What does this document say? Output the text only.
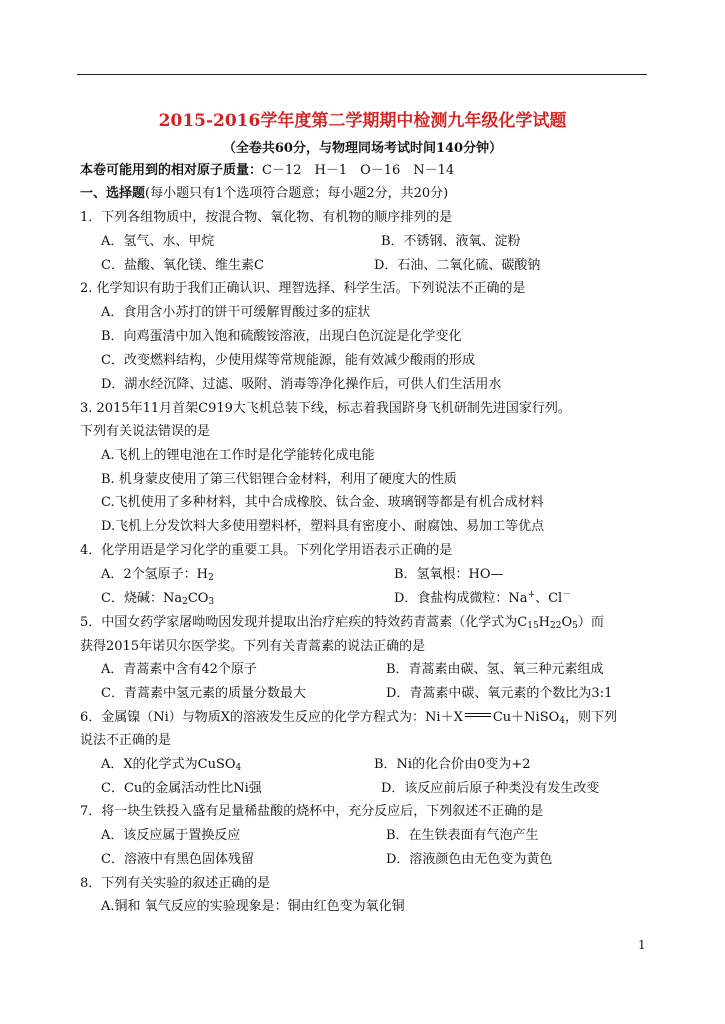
2015-2016学年度第二学期期中检测九年级化学试题
（全卷共60分，与物理同场考试时间140分钟）
本卷可能用到的相对原子质量：C－12　H－1　O－16　N－14
一、选择题(每小题只有1个选项符合题意；每小题2分，共20分)
1．下列各组物质中，按混合物、氧化物、有机物的顺序排列的是
A．氢气、水、甲烷	B．不锈钢、液氧、淀粉
C．盐酸、氧化镁、维生素C	D．石油、二氧化硫、碳酸钠
2. 化学知识有助于我们正确认识、理智选择、科学生活。下列说法不正确的是
A．食用含小苏打的饼干可缓解胃酸过多的症状
B．向鸡蛋清中加入饱和硫酸铵溶液，出现白色沉淀是化学变化
C．改变燃料结构，少使用煤等常规能源，能有效减少酸雨的形成
D．湖水经沉降、过滤、吸附、消毒等净化操作后，可供人们生活用水
3. 2015年11月首架C919大飞机总装下线，标志着我国跻身飞机研制先进国家行列。
下列有关说法错误的是
A.飞机上的锂电池在工作时是化学能转化成电能
B. 机身蒙皮使用了第三代铝锂合金材料，利用了硬度大的性质
C.飞机使用了多种材料，其中合成橡胶、钛合金、玻璃钢等都是有机合成材料
D.飞机上分发饮料大多使用塑料杯，塑料具有密度小、耐腐蚀、易加工等优点
4．化学用语是学习化学的重要工具。下列化学用语表示正确的是
A．2个氢原子：$H_2$	B．氢氧根：HO—
C．烧碱：$Na_2CO_3$	D．食盐构成微粒：Na+、Cl－
5．中国女药学家屠呦呦因发现并提取出治疗疟疾的特效药青蒿素（化学式为$C_{15}H_{22}O_5$）而
获得2015年诺贝尔医学奖。下列有关青蒿素的说法正确的是
A．青蒿素中含有42个原子	B．青蒿素由碳、氢、氧三种元素组成
C．青蒿素中氢元素的质量分数最大	D．青蒿素中碳、氧元素的个数比为3:1
6．金属镍（Ni）与物质X的溶液发生反应的化学方程式为：Ni＋X Cu＋NiSO$_4$，则下列
说法不正确的是
A．X的化学式为CuSO$_4$	B．Ni的化合价由0变为+2
C．Cu的金属活动性比Ni强	D．该反应前后原子种类没有发生改变
7．将一块生铁投入盛有足量稀盐酸的烧杯中，充分反应后，下列叙述不正确的是
A．该反应属于置换反应	B．在生铁表面有气泡产生
C．溶液中有黑色固体残留	D．溶液颜色由无色变为黄色
8．下列有关实验的叙述正确的是
A.铜和 氧气反应的实验现象是：铜由红色变为氧化铜
1
